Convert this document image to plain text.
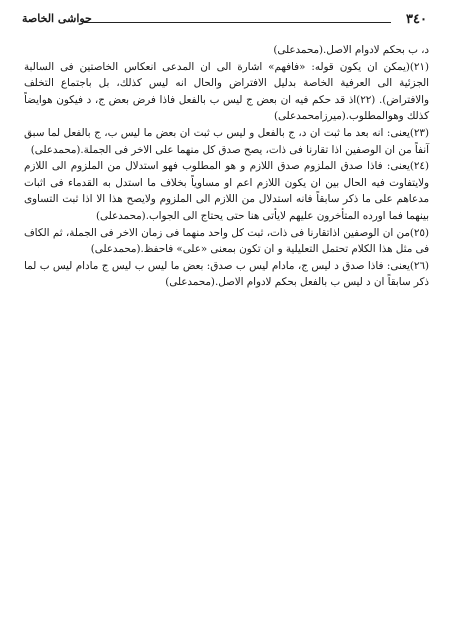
٣٤٠
حواشی الخاصة

د، ب بحکم لادوام الاصل.(محمدعلی)

(٢١)(یمکن ان یکون قوله: «فافهم» اشارة الی ان المدعی انعکاس الخاصتین فی السالبة الجزئیة الی العرفیة الخاصة بدلیل الافتراض والحال انه لیس کذلك، بل باجتماع التخلف والافتراض). (٢٢)اذ قد حکم فیه ان بعض ج لیس ب بالفعل فاذا فرض بعض ج، د فیکون هوایضاً کذلك وهوالمطلوب.(میرزامحمدعلی)

(٢٣)یعنی: انه بعد ما ثبت ان د، ج بالفعل و لیس ب ثبت ان بعض ما لیس ب، ج بالفعل لما سبق آنفاً من ان الوصفین اذا تقارنا فی ذات، یصح صدق کل منهما علی الاخر فی الجملة.(محمدعلی)

(٢٤)یعنی: فاذا صدق الملزوم صدق اللازم و هو المطلوب فهو استدلال من الملزوم الی اللازم ولایتفاوت فیه الحال بین ان یکون اللازم اعم او مساویاً بخلاف ما استدل به القدماء فی اثبات مدعاهم علی ما ذکر سابقاً فانه استدلال من اللازم الی الملزوم ولایصح هذا الا اذا ثبت التساوی بینهما فما اورده المتأخرون علیهم لایأتی هنا حتی یحتاج الی الجواب.(محمدعلی)

(٢٥)من ان الوصفین اذاتقارنا فی ذات، ثبت کل واحد منهما فی زمان الاخر فی الجملة، ثم الکاف فی مثل هذا الکلام تحتمل التعلیلیة و ان تکون بمعنی «علی» فاحفظ.(محمدعلی)

(٢٦)یعنی: فاذا صدق د لیس ج، مادام لیس ب صدق: بعض ما لیس ب لیس ج مادام لیس ب لما ذکر سابقاً ان د لیس ب بالفعل بحکم لادوام الاصل.(محمدعلی)
